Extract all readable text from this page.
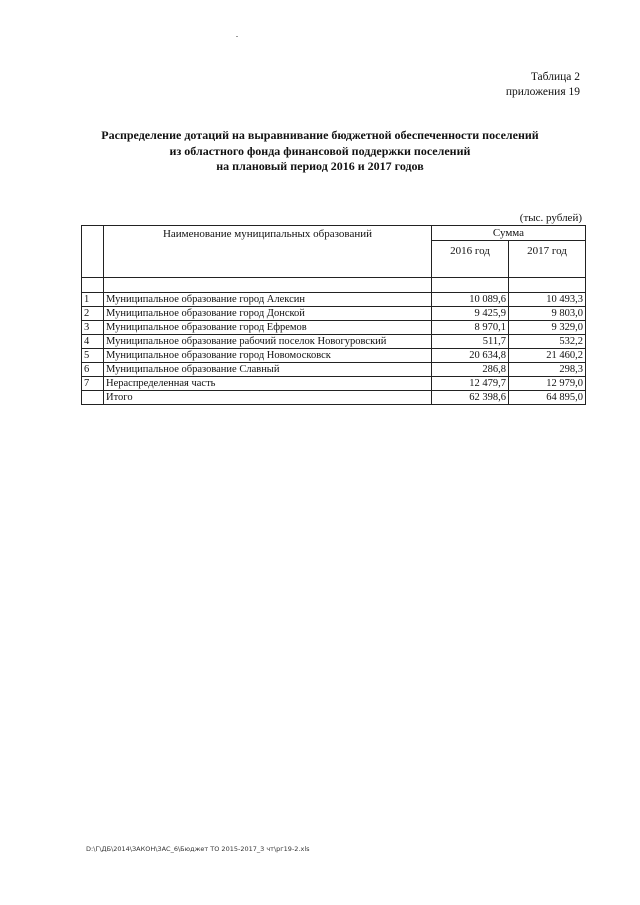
Таблица 2
приложения 19
Распределение дотаций на выравнивание бюджетной обеспеченности поселений
из областного фонда финансовой поддержки поселений
на плановый период 2016 и 2017 годов
(тыс. рублей)
	Наименование муниципальных образований	Сумма	
		2016 год	2017 год

1	Муниципальное образование город Алексин	10 089,6	10 493,3
2	Муниципальное образование город Донской	9 425,9	9 803,0
3	Муниципальное образование город Ефремов	8 970,1	9 329,0
4	Муниципальное образование рабочий поселок Новогуровский	511,7	532,2
5	Муниципальное образование город Новомосковск	20 634,8	21 460,2
6	Муниципальное образование Славный	286,8	298,3
7	Нераспределенная часть	12 479,7	12 979,0
	Итого	62 398,6	64 895,0
D:\Г\ДБ\2014\ЗАКОН\ЗАС_6\Бюджет ТО 2015-2017_3 чт\рг19-2.xls
